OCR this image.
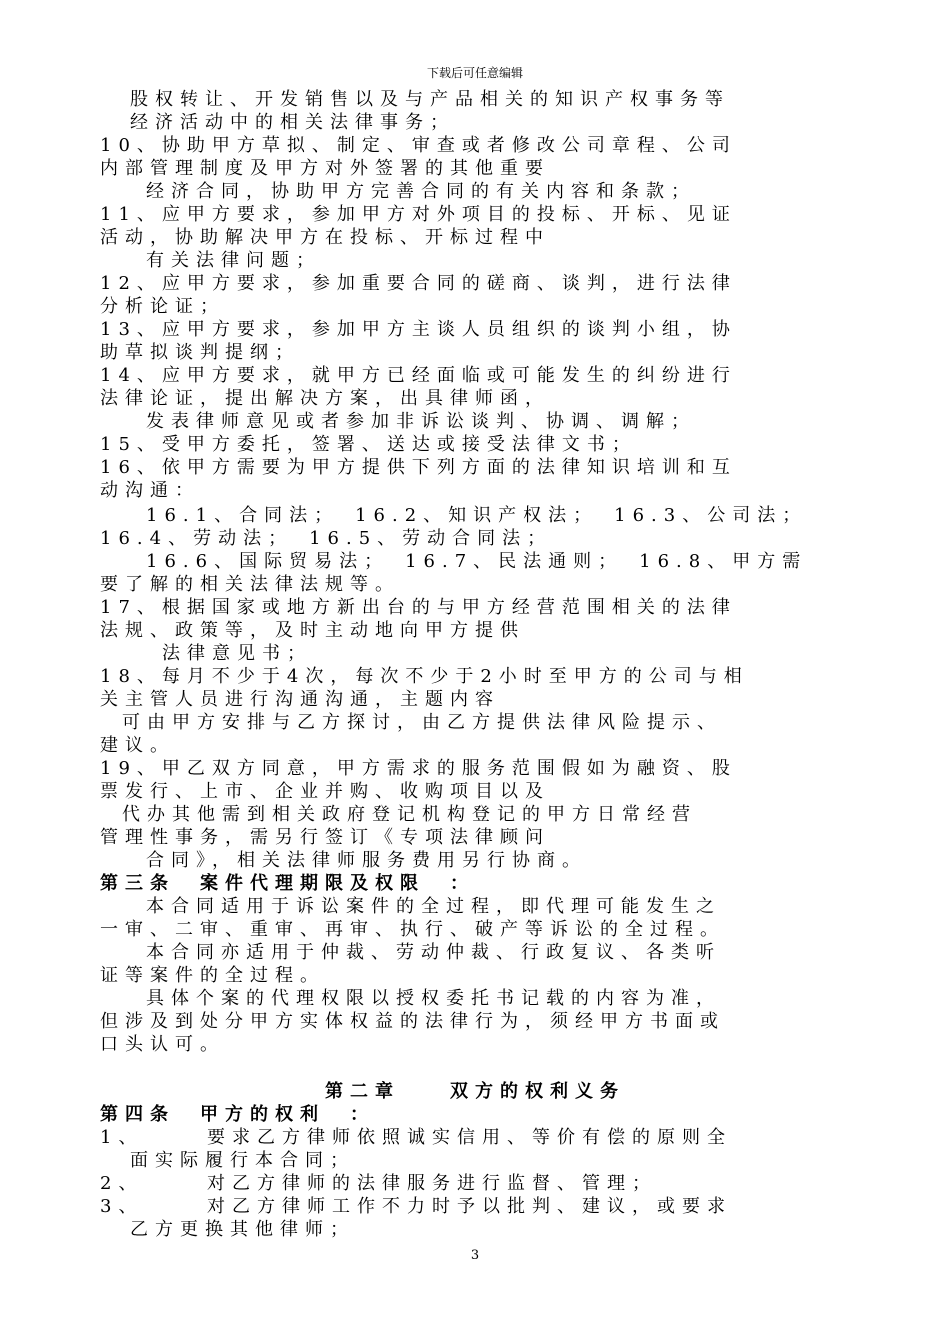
下载后可任意编辑
股权转让、开发销售以及与产品相关的知识产权事务等
经济活动中的相关法律事务；
10、协助甲方草拟、制定、审查或者修改公司章程、公司
内部管理制度及甲方对外签署的其他重要
经济合同，协助甲方完善合同的有关内容和条款；
11、应甲方要求，参加甲方对外项目的投标、开标、见证
活动，协助解决甲方在投标、开标过程中
有关法律问题；
12、应甲方要求，参加重要合同的磋商、谈判，进行法律
分析论证；
13、应甲方要求，参加甲方主谈人员组织的谈判小组，协
助草拟谈判提纲；
14、应甲方要求，就甲方已经面临或可能发生的纠纷进行
法律论证，提出解决方案，出具律师函，
发表律师意见或者参加非诉讼谈判、协调、调解；
15、受甲方委托，签署、送达或接受法律文书；
16、依甲方需要为甲方提供下列方面的法律知识培训和互
动沟通：
16.1、合同法；　16.2、知识产权法；　16.3、公司法；
16.4、劳动法；　16.5、劳动合同法；
16.6、国际贸易法；　16.7、民法通则；　16.8、甲方需
要了解的相关法律法规等。
17、根据国家或地方新出台的与甲方经营范围相关的法律
法规、政策等，及时主动地向甲方提供
法律意见书；
18、每月不少于4次，每次不少于2小时至甲方的公司与相
关主管人员进行沟通沟通，主题内容
可由甲方安排与乙方探讨，由乙方提供法律风险提示、
建议。
19、甲乙双方同意，甲方需求的服务范围假如为融资、股
票发行、上市、企业并购、收购项目以及
代办其他需到相关政府登记机构登记的甲方日常经营
管理性事务，需另行签订《专项法律顾问
合同》，相关法律师服务费用另行协商。
第三条　案件代理期限及权限　：
本合同适用于诉讼案件的全过程，即代理可能发生之
一审、二审、重审、再审、执行、破产等诉讼的全过程。
本合同亦适用于仲裁、劳动仲裁、行政复议、各类听
证等案件的全过程。
具体个案的代理权限以授权委托书记载的内容为准，
但涉及到处分甲方实体权益的法律行为，须经甲方书面或
口头认可。
第二章　　双方的权利义务
第四条　甲方的权利　：
1、	要求乙方律师依照诚实信用、等价有偿的原则全
面实际履行本合同；
2、	对乙方律师的法律服务进行监督、管理；
3、	对乙方律师工作不力时予以批判、建议，或要求
乙方更换其他律师；
3
